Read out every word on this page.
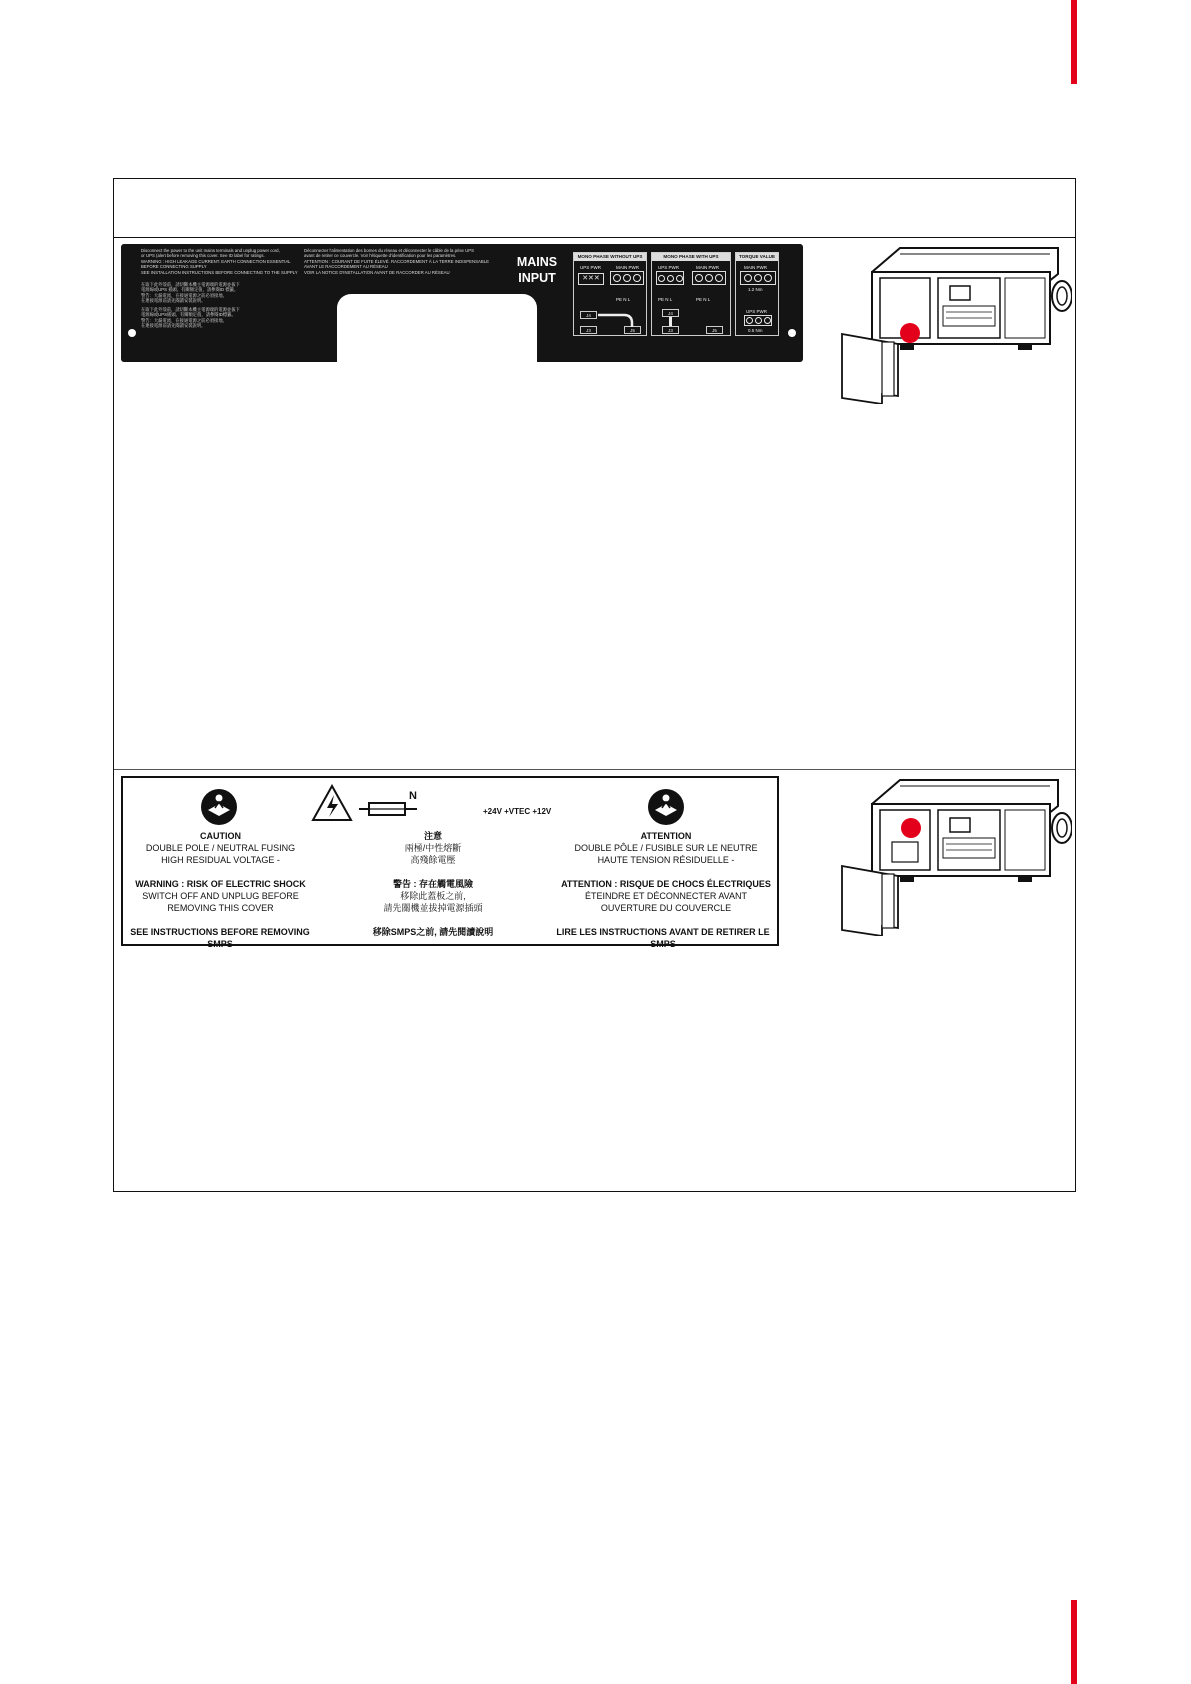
Disconnect the power to the unit mains terminals and unplug power cord,
or UPS (alert before removing this cover. See ID label for ratings.
WARNING : HIGH LEAKAGE CURRENT. EARTH CONNECTION ESSENTIAL
BEFORE CONNECTING SUPPLY
SEE INSTALLATION INSTRUCTIONS BEFORE CONNECTING TO THE SUPPLY
Déconnecter l'alimentation des bornes du réseau et déconnecter le câble de la prise UPS
avant de retirer ce couvercle. Voir l'étiquette d'identification pour les paramètres.
ATTENTION : COURANT DE FUITE ÉLEVÉ. RACCORDEMENT À LA TERRE INDISPENSABLE
AVANT LE RACCORDEMENT AU RÉSEAU
VOIR LA NOTICE D'INSTALLATION AVANT DE RACCORDER AU RÉSEAU
在取下此外殼前，請切斷本機主電源端的電源並拔下
電源線或UPS 插頭。有關額定值，請參閱ID 標籤。
警告：大漏電流，在接通電源之前必須接地。
在連接電源前請先閱讀安裝說明。
在取下此外殼前，請切斷本機主電源端的電源並拔下
電源線或UPS插頭。有關額定值，請參閱ID標籤。
警告：大漏電流，在接通電源之前必須接地。
在連接電源前請先閱讀安裝說明。
MAINS
INPUT
MONO PHASE WITHOUT UPS
UPS PWR	MAIN PWR
✕✕✕
PE N L
J4
J3	J5
MONO PHASE WITH UPS
UPS PWR	MAIN PWR
PE N L	PE N L
J4
J3	J5
TORQUE VALUE
MAIN PWR
1.2 Nm
UPS PWR
0.5 Nm
N
+24V +VTEC +12V
CAUTION
DOUBLE POLE / NEUTRAL FUSING
HIGH RESIDUAL VOLTAGE -
WARNING : RISK OF ELECTRIC SHOCK
SWITCH OFF AND UNPLUG BEFORE
REMOVING THIS COVER
SEE INSTRUCTIONS BEFORE REMOVING SMPS
注意
兩極/中性熔斷
高殘餘電壓
警告 : 存在觸電風險
移除此蓋板之前,
請先關機並拔掉電源插頭
移除SMPS之前, 請先閱讀說明
ATTENTION
DOUBLE PÔLE / FUSIBLE SUR LE NEUTRE
HAUTE TENSION RÉSIDUELLE -
ATTENTION : RISQUE DE CHOCS ÉLECTRIQUES
ÉTEINDRE ET DÉCONNECTER AVANT
OUVERTURE DU COUVERCLE
LIRE LES INSTRUCTIONS AVANT DE RETIRER LE SMPS
